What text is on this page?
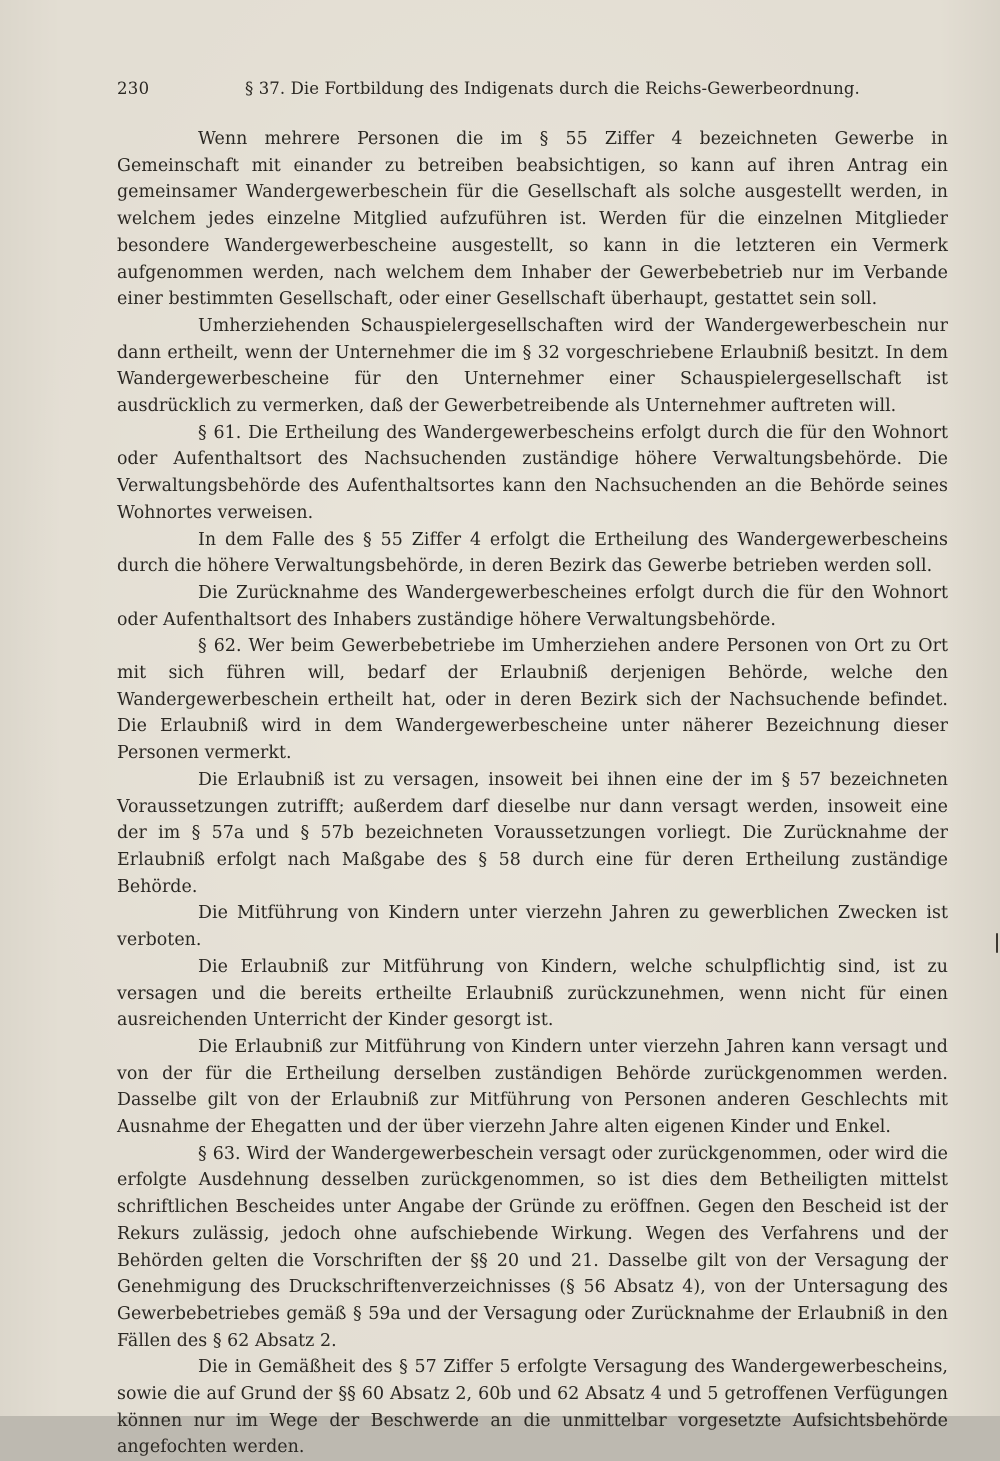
230	§ 37. Die Fortbildung des Indigenats durch die Reichs-Gewerbeordnung.

Wenn mehrere Personen die im § 55 Ziffer 4 bezeichneten Gewerbe in Gemeinschaft mit einander zu betreiben beabsichtigen, so kann auf ihren Antrag ein gemeinsamer Wandergewerbeschein für die Gesellschaft als solche ausgestellt werden, in welchem jedes einzelne Mitglied aufzuführen ist. Werden für die einzelnen Mitglieder besondere Wandergewerbescheine ausgestellt, so kann in die letzteren ein Vermerk aufgenommen werden, nach welchem dem Inhaber der Gewerbebetrieb nur im Verbande einer bestimmten Gesellschaft, oder einer Gesellschaft überhaupt, gestattet sein soll.

Umherziehenden Schauspielergesellschaften wird der Wandergewerbeschein nur dann ertheilt, wenn der Unternehmer die im § 32 vorgeschriebene Erlaubniß besitzt. In dem Wandergewerbescheine für den Unternehmer einer Schauspielergesellschaft ist ausdrücklich zu vermerken, daß der Gewerbetreibende als Unternehmer auftreten will.

§ 61. Die Ertheilung des Wandergewerbescheins erfolgt durch die für den Wohnort oder Aufenthaltsort des Nachsuchenden zuständige höhere Verwaltungsbehörde. Die Verwaltungsbehörde des Aufenthaltsortes kann den Nachsuchenden an die Behörde seines Wohnortes verweisen.

In dem Falle des § 55 Ziffer 4 erfolgt die Ertheilung des Wandergewerbescheins durch die höhere Verwaltungsbehörde, in deren Bezirk das Gewerbe betrieben werden soll.

Die Zurücknahme des Wandergewerbescheines erfolgt durch die für den Wohnort oder Aufenthaltsort des Inhabers zuständige höhere Verwaltungsbehörde.

§ 62. Wer beim Gewerbebetriebe im Umherziehen andere Personen von Ort zu Ort mit sich führen will, bedarf der Erlaubniß derjenigen Behörde, welche den Wandergewerbeschein ertheilt hat, oder in deren Bezirk sich der Nachsuchende befindet. Die Erlaubniß wird in dem Wandergewerbescheine unter näherer Bezeichnung dieser Personen vermerkt.

Die Erlaubniß ist zu versagen, insoweit bei ihnen eine der im § 57 bezeichneten Voraussetzungen zutrifft; außerdem darf dieselbe nur dann versagt werden, insoweit eine der im § 57a und § 57b bezeichneten Voraussetzungen vorliegt. Die Zurücknahme der Erlaubniß erfolgt nach Maßgabe des § 58 durch eine für deren Ertheilung zuständige Behörde.

Die Mitführung von Kindern unter vierzehn Jahren zu gewerblichen Zwecken ist verboten.

Die Erlaubniß zur Mitführung von Kindern, welche schulpflichtig sind, ist zu versagen und die bereits ertheilte Erlaubniß zurückzunehmen, wenn nicht für einen ausreichenden Unterricht der Kinder gesorgt ist.

Die Erlaubniß zur Mitführung von Kindern unter vierzehn Jahren kann versagt und von der für die Ertheilung derselben zuständigen Behörde zurückgenommen werden. Dasselbe gilt von der Erlaubniß zur Mitführung von Personen anderen Geschlechts mit Ausnahme der Ehegatten und der über vierzehn Jahre alten eigenen Kinder und Enkel.

§ 63. Wird der Wandergewerbeschein versagt oder zurückgenommen, oder wird die erfolgte Ausdehnung desselben zurückgenommen, so ist dies dem Betheiligten mittelst schriftlichen Bescheides unter Angabe der Gründe zu eröffnen. Gegen den Bescheid ist der Rekurs zulässig, jedoch ohne aufschiebende Wirkung. Wegen des Verfahrens und der Behörden gelten die Vorschriften der §§ 20 und 21. Dasselbe gilt von der Versagung der Genehmigung des Druckschriftenverzeichnisses (§ 56 Absatz 4), von der Untersagung des Gewerbebetriebes gemäß § 59a und der Versagung oder Zurücknahme der Erlaubniß in den Fällen des § 62 Absatz 2.

Die in Gemäßheit des § 57 Ziffer 5 erfolgte Versagung des Wandergewerbescheins, sowie die auf Grund der §§ 60 Absatz 2, 60b und 62 Absatz 4 und 5 getroffenen Verfügungen können nur im Wege der Beschwerde an die unmittelbar vorgesetzte Aufsichtsbehörde angefochten werden.
